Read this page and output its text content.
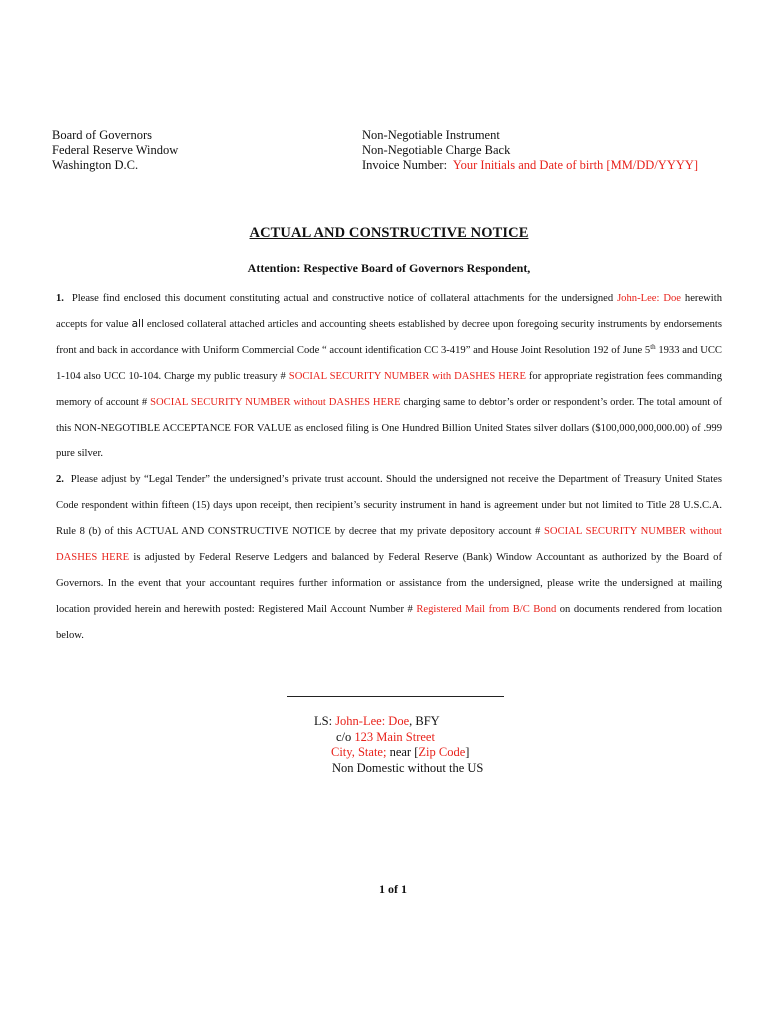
Board of Governors
Federal Reserve Window
Washington D.C.
Non-Negotiable Instrument
Non-Negotiable Charge Back
Invoice Number: Your Initials and Date of birth [MM/DD/YYYY]
ACTUAL AND CONSTRUCTIVE NOTICE
Attention: Respective Board of Governors Respondent,

1. Please find enclosed this document constituting actual and constructive notice of collateral attachments for the undersigned John-Lee: Doe herewith accepts for value all enclosed collateral attached articles and accounting sheets established by decree upon foregoing security instruments by endorsements front and back in accordance with Uniform Commercial Code “ account identification CC 3-419” and House Joint Resolution 192 of June 5th 1933 and UCC 1-104 also UCC 10-104. Charge my public treasury # SOCIAL SECURITY NUMBER with DASHES HERE for appropriate registration fees commanding memory of account # SOCIAL SECURITY NUMBER without DASHES HERE charging same to debtor’s order or respondent’s order. The total amount of this NON-NEGOTIBLE ACCEPTANCE FOR VALUE as enclosed filing is One Hundred Billion United States silver dollars ($100,000,000,000.00) of .999 pure silver.

2. Please adjust by “Legal Tender” the undersigned’s private trust account. Should the undersigned not receive the Department of Treasury United States Code respondent within fifteen (15) days upon receipt, then recipient’s security instrument in hand is agreement under but not limited to Title 28 U.S.C.A. Rule 8 (b) of this ACTUAL AND CONSTRUCTIVE NOTICE by decree that my private depository account # SOCIAL SECURITY NUMBER without DASHES HERE is adjusted by Federal Reserve Ledgers and balanced by Federal Reserve (Bank) Window Accountant as authorized by the Board of Governors. In the event that your accountant requires further information or assistance from the undersigned, please write the undersigned at mailing location provided herein and herewith posted: Registered Mail Account Number # Registered Mail from B/C Bond on documents rendered from location below.

LS: John-Lee: Doe, BFY
c/o 123 Main Street
City, State; near [Zip Code]
Non Domestic without the US
1 of 1
